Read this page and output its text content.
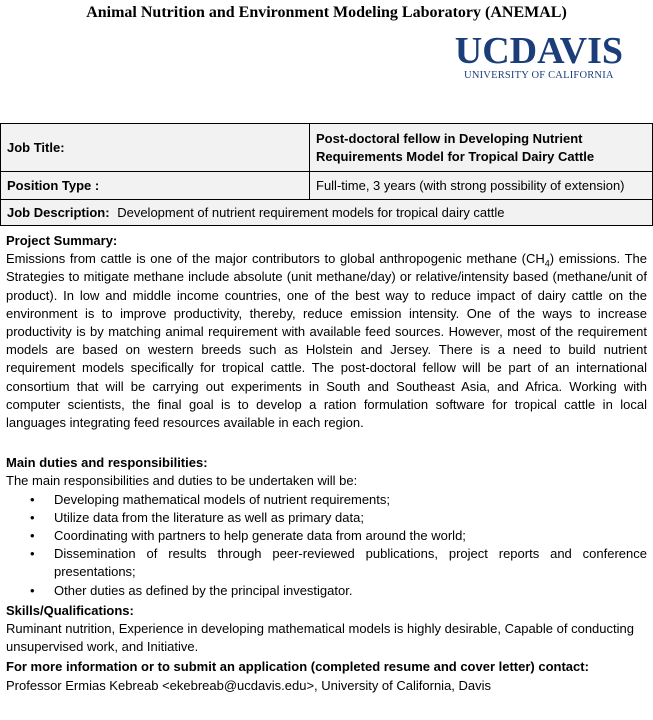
Animal Nutrition and Environment Modeling Laboratory (ANEMAL)
UCDAVIS
UNIVERSITY OF CALIFORNIA
Job Title:	Post-doctoral fellow in Developing Nutrient
Requirements Model for Tropical Dairy Cattle

Position Type :	Full-time, 3 years (with strong possibility of extension)
Job Description: Development of nutrient requirement models for tropical dairy cattle	
Project Summary:
Emissions from cattle is one of the major contributors to global anthropogenic methane $(CH_4)$ emissions. The Strategies to mitigate methane include absolute (unit methane/day) or relative/intensity based (methane/unit of product). In low and middle income countries, one of the best way to reduce impact of dairy cattle on the environment is to improve productivity, thereby, reduce emission intensity. One of the ways to increase productivity is by matching animal requirement with available feed sources. However, most of the requirement models are based on western breeds such as Holstein and Jersey. There is a need to build nutrient requirement models specifically for tropical cattle. The post-doctoral fellow will be part of an international consortium that will be carrying out experiments in South and Southeast Asia, and Africa. Working with computer scientists, the final goal is to develop a ration formulation software for tropical cattle in local languages integrating feed resources available in each region.
Main duties and responsibilities:
The main responsibilities and duties to be undertaken will be:
• Developing mathematical models of nutrient requirements;
• Utilize data from the literature as well as primary data;
• Coordinating with partners to help generate data from around the world;
• Dissemination of results through peer-reviewed publications, project reports and conference presentations;
• Other duties as defined by the principal investigator.
Skills/Qualifications:
Ruminant nutrition, Experience in developing mathematical models is highly desirable, Capable of conducting unsupervised work, and Initiative.
For more information or to submit an application (completed resume and cover letter) contact:
Professor Ermias Kebreab <ekebreab@ucdavis.edu>, University of California, Davis
